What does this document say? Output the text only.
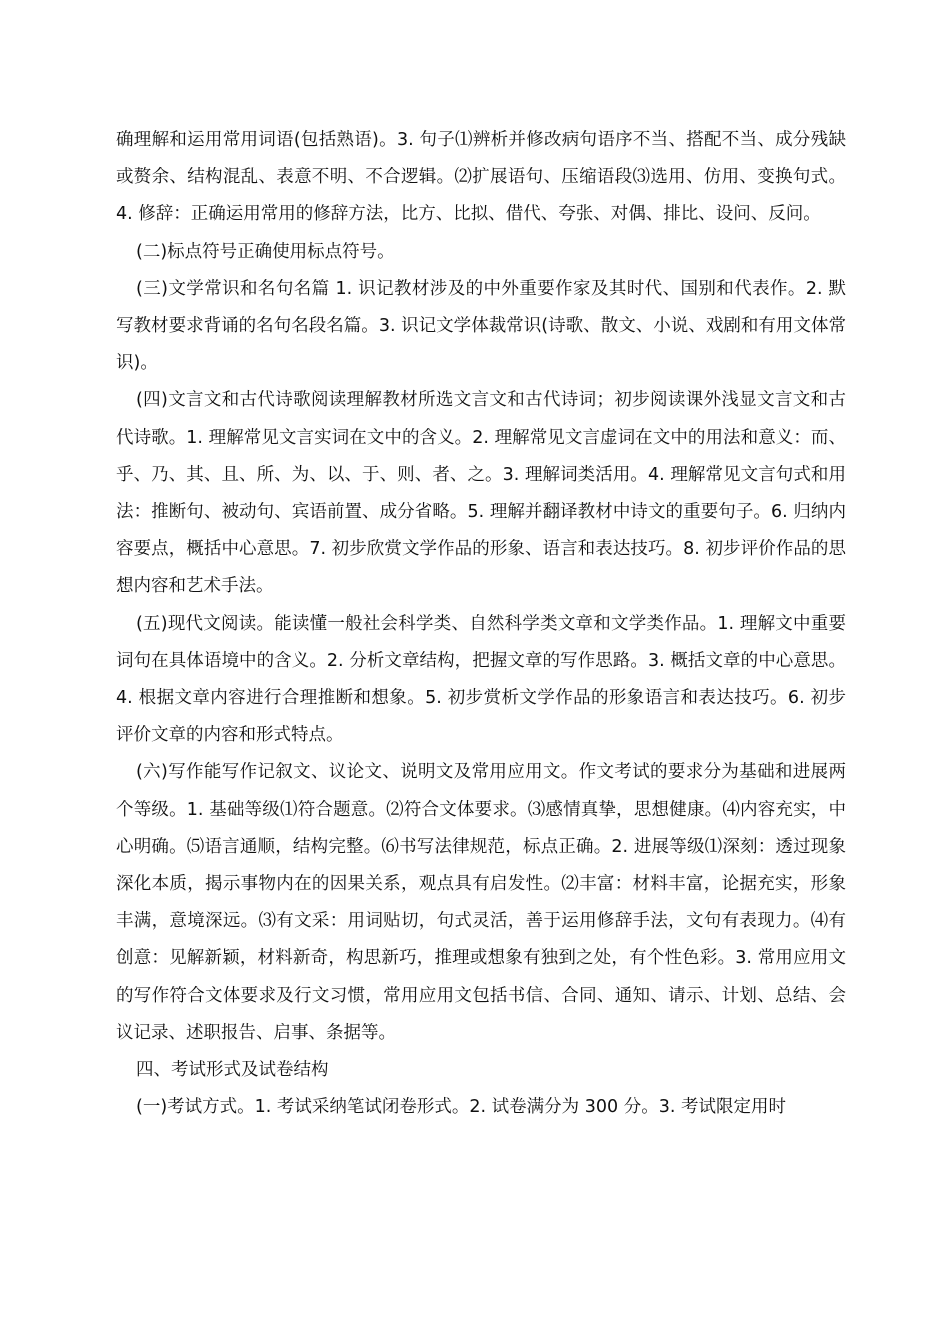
确理解和运用常用词语(包括熟语)。3. 句子⑴辨析并修改病句语序不当、搭配不当、成分残缺或赘余、结构混乱、表意不明、不合逻辑。⑵扩展语句、压缩语段⑶选用、仿用、变换句式。4. 修辞：正确运用常用的修辞方法，比方、比拟、借代、夸张、对偶、排比、设问、反问。

(二)标点符号正确使用标点符号。

(三)文学常识和名句名篇 1. 识记教材涉及的中外重要作家及其时代、国别和代表作。2. 默写教材要求背诵的名句名段名篇。3. 识记文学体裁常识(诗歌、散文、小说、戏剧和有用文体常识)。

(四)文言文和古代诗歌阅读理解教材所选文言文和古代诗词；初步阅读课外浅显文言文和古代诗歌。1. 理解常见文言实词在文中的含义。2. 理解常见文言虚词在文中的用法和意义：而、乎、乃、其、且、所、为、以、于、则、者、之。3. 理解词类活用。4. 理解常见文言句式和用法：推断句、被动句、宾语前置、成分省略。5. 理解并翻译教材中诗文的重要句子。6. 归纳内容要点，概括中心意思。7. 初步欣赏文学作品的形象、语言和表达技巧。8. 初步评价作品的思想内容和艺术手法。

(五)现代文阅读。能读懂一般社会科学类、自然科学类文章和文学类作品。1. 理解文中重要词句在具体语境中的含义。2. 分析文章结构，把握文章的写作思路。3. 概括文章的中心意思。4. 根据文章内容进行合理推断和想象。5. 初步赏析文学作品的形象语言和表达技巧。6. 初步评价文章的内容和形式特点。

(六)写作能写作记叙文、议论文、说明文及常用应用文。作文考试的要求分为基础和进展两个等级。1. 基础等级⑴符合题意。⑵符合文体要求。⑶感情真挚，思想健康。⑷内容充实，中心明确。⑸语言通顺，结构完整。⑹书写法律规范，标点正确。2. 进展等级⑴深刻：透过现象深化本质，揭示事物内在的因果关系，观点具有启发性。⑵丰富：材料丰富，论据充实，形象丰满，意境深远。⑶有文采：用词贴切，句式灵活，善于运用修辞手法，文句有表现力。⑷有创意：见解新颖，材料新奇，构思新巧，推理或想象有独到之处，有个性色彩。3. 常用应用文的写作符合文体要求及行文习惯，常用应用文包括书信、合同、通知、请示、计划、总结、会议记录、述职报告、启事、条据等。

四、考试形式及试卷结构

(一)考试方式。1. 考试采纳笔试闭卷形式。2. 试卷满分为 300 分。3. 考试限定用时
